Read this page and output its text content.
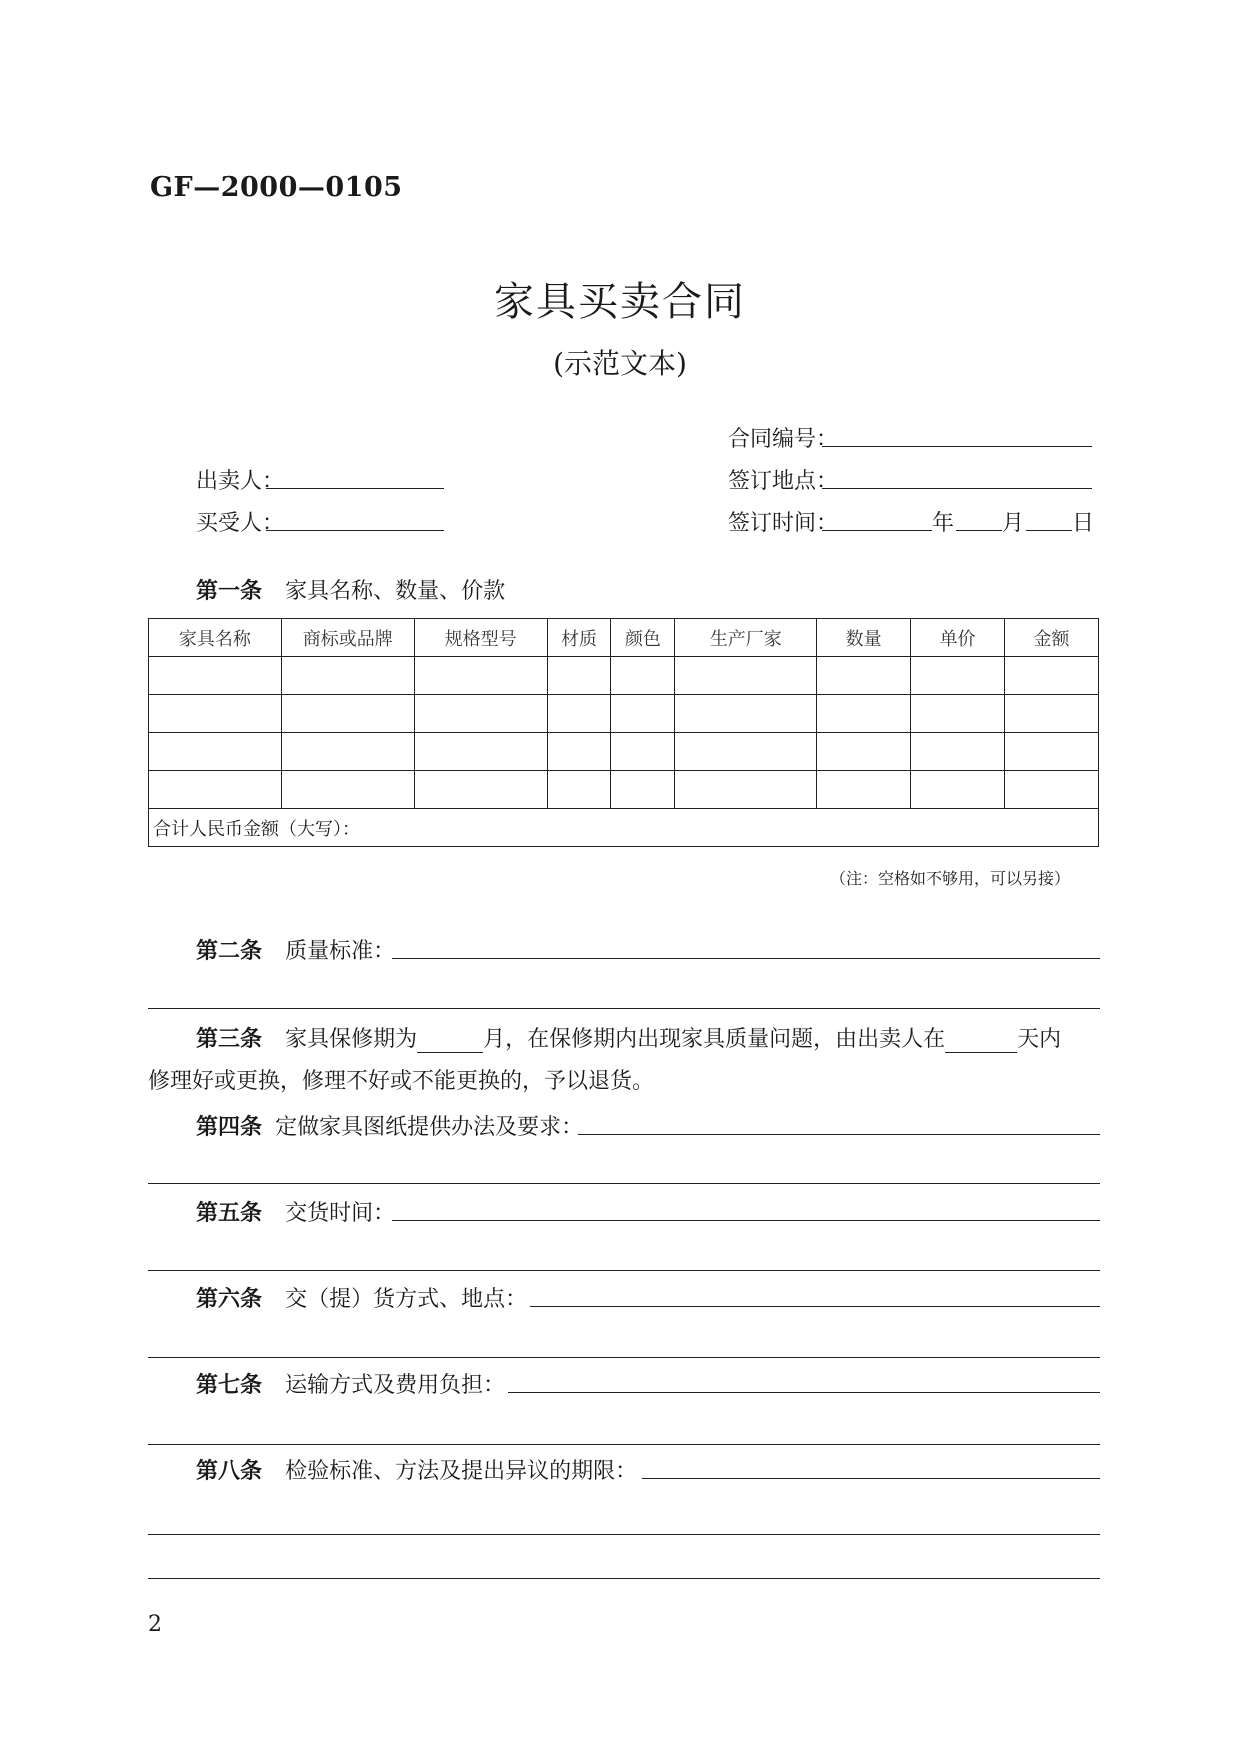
GF—2000—0105
家具买卖合同
(示范文本)
合同编号：
出卖人：	签订地点：
买受人：	签订时间：	年 月 日
第一条 家具名称、数量、价款
家具名称	商标或品牌	规格型号	材质	颜色	生产厂家	数量	单价	金额

合计人民币金额（大写）：								
（注：空格如不够用，可以另接）
第二条 质量标准：
第三条 家具保修期为	月，在保修期内出现家具质量问题，由出卖人在	天内
修理好或更换，修理不好或不能更换的，予以退货。
第四条 定做家具图纸提供办法及要求：
第五条 交货时间：
第六条 交（提）货方式、地点：
第七条 运输方式及费用负担：
第八条 检验标准、方法及提出异议的期限：
2
